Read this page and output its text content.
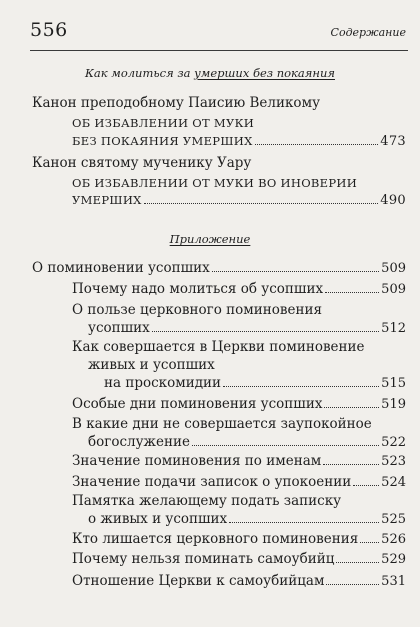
556	Содержание
Как молиться за умерших без покаяния
Канон преподобному Паисию Великому
ОБ ИЗБАВЛЕНИИ ОТ МУКИ
БЕЗ ПОКАЯНИЯ УМЕРШИХ	473
Канон святому мученику Уару
ОБ ИЗБАВЛЕНИИ ОТ МУКИ ВО ИНОВЕРИИ
УМЕРШИХ	490
Приложение
О поминовении усопших	509
Почему надо молиться об усопших	509
О пользе церковного поминовения
усопших	512
Как совершается в Церкви поминовение
живых и усопших
на проскомидии	515
Особые дни поминовения усопших	519
В какие дни не совершается заупокойное
богослужение	522
Значение поминовения по именам	523
Значение подачи записок о упокоении 524
Памятка желающему подать записку
о живых и усопших	525
Кто лишается церковного поминовения 526
Почему нельзя поминать самоубийц	529
Отношение Церкви к самоубийцам	531
